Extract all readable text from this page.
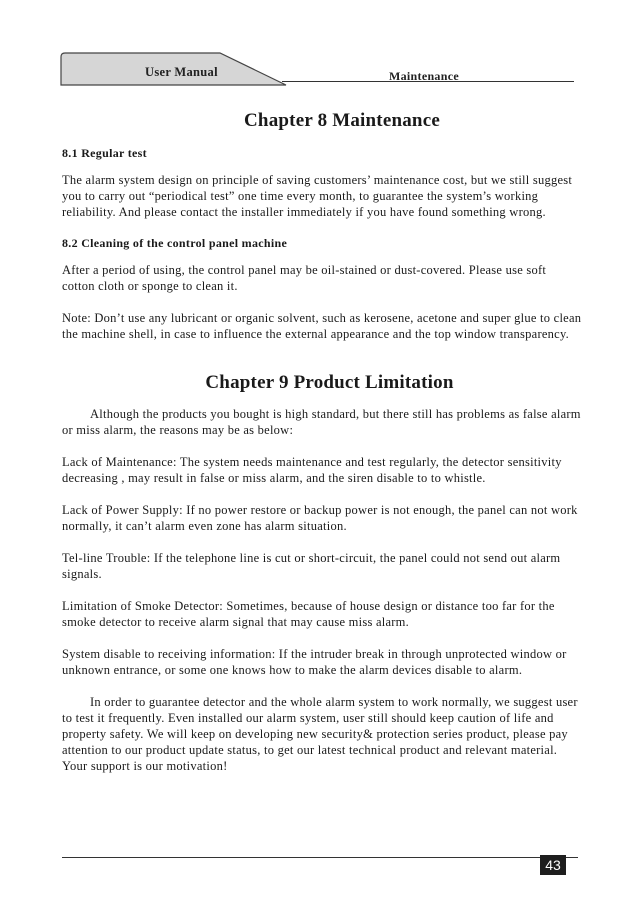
User Manual	Maintenance
Chapter 8 Maintenance
8.1 Regular test

The alarm system design on principle of saving customers’ maintenance cost, but we still suggest you to carry out “periodical test” one time every month, to guarantee the system’s working reliability. And please contact the installer immediately if you have found something wrong.

8.2 Cleaning of the control panel machine

After a period of using, the control panel may be oil-stained or dust-covered. Please use soft cotton cloth or sponge to clean it.

Note: Don’t use any lubricant or organic solvent, such as kerosene, acetone and super glue to clean the machine shell, in case to influence the external appearance and the top window transparency.

Chapter 9 Product Limitation

Although the products you bought is high standard, but there still has problems as false alarm or miss alarm, the reasons may be as below:

Lack of Maintenance: The system needs maintenance and test regularly, the detector sensitivity decreasing , may result in false or miss alarm, and the siren disable to to whistle.

Lack of Power Supply: If no power restore or backup power is not enough, the panel can not work normally, it can’t alarm even zone has alarm situation.

Tel-line Trouble: If the telephone line is cut or short-circuit, the panel could not send out alarm signals.

Limitation of Smoke Detector: Sometimes, because of house design or distance too far for the smoke detector to receive alarm signal that may cause miss alarm.

System disable to receiving information: If the intruder break in through unprotected window or unknown entrance, or some one knows how to make the alarm devices disable to alarm.

In order to guarantee detector and the whole alarm system to work normally, we suggest user to test it frequently. Even installed our alarm system, user still should keep caution of life and property safety. We will keep on developing new security& protection series product, please pay attention to our product update status, to get our latest technical product and relevant material. Your support is our motivation!

43
